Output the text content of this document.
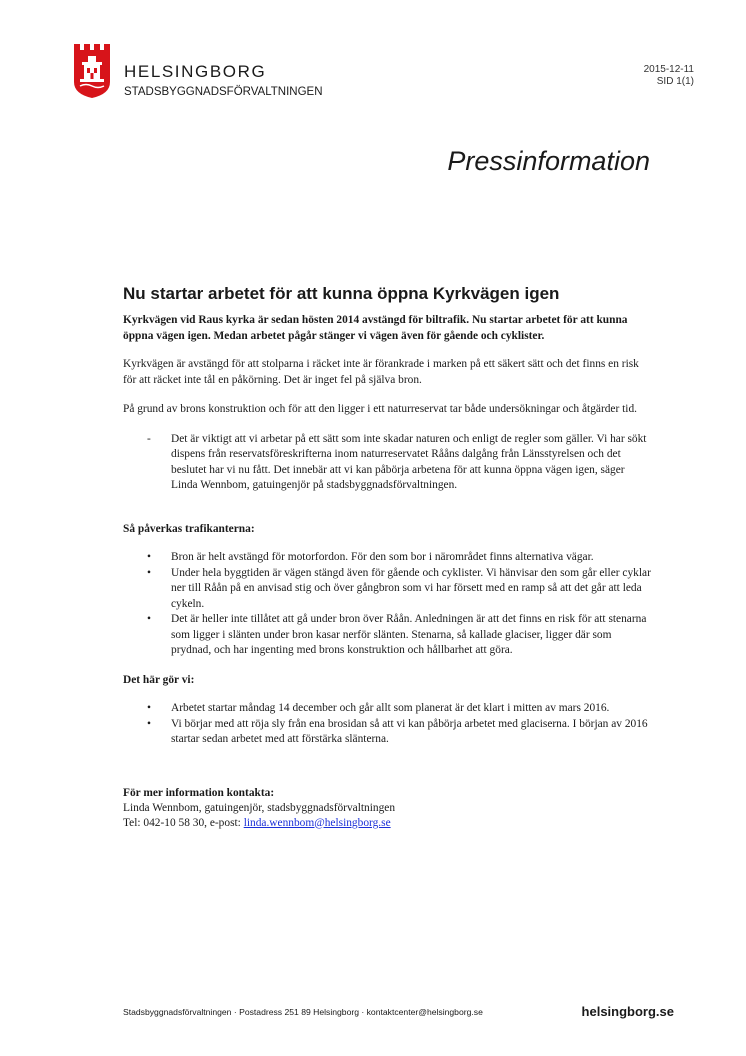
HELSINGBORG
STADSBYGGNADSFÖRVALTNINGEN
2015-12-11
SID 1(1)
Pressinformation
Nu startar arbetet för att kunna öppna Kyrkvägen igen

Kyrkvägen vid Raus kyrka är sedan hösten 2014 avstängd för biltrafik. Nu startar arbetet för att kunna öppna vägen igen. Medan arbetet pågår stänger vi vägen även för gående och cyklister.

Kyrkvägen är avstängd för att stolparna i räcket inte är förankrade i marken på ett säkert sätt och det finns en risk för att räcket inte tål en påkörning. Det är inget fel på själva bron.

På grund av brons konstruktion och för att den ligger i ett naturreservat tar både undersökningar och åtgärder tid.

- Det är viktigt att vi arbetar på ett sätt som inte skadar naturen och enligt de regler som gäller. Vi har sökt dispens från reservatsföreskrifterna inom naturreservatet Rååns dalgång från Länsstyrelsen och det beslutet har vi nu fått. Det innebär att vi kan påbörja arbetena för att kunna öppna vägen igen, säger Linda Wennbom, gatuingenjör på stadsbyggnadsförvaltningen.

Så påverkas trafikanterna:

• Bron är helt avstängd för motorfordon. För den som bor i närområdet finns alternativa vägar.
• Under hela byggtiden är vägen stängd även för gående och cyklister. Vi hänvisar den som går eller cyklar ner till Råån på en anvisad stig och över gångbron som vi har försett med en ramp så att det går att leda cykeln.
• Det är heller inte tillåtet att gå under bron över Råån. Anledningen är att det finns en risk för att stenarna som ligger i slänten under bron kasar nerför slänten. Stenarna, så kallade glaciser, ligger där som prydnad, och har ingenting med brons konstruktion och hållbarhet att göra.

Det här gör vi:

• Arbetet startar måndag 14 december och går allt som planerat är det klart i mitten av mars 2016.
• Vi börjar med att röja sly från ena brosidan så att vi kan påbörja arbetet med glaciserna. I början av 2016 startar sedan arbetet med att förstärka slänterna.

För mer information kontakta:

Linda Wennbom, gatuingenjör, stadsbyggnadsförvaltningen

Tel: 042-10 58 30, e-post: linda.wennbom@helsingborg.se

Stadsbyggnadsförvaltningen · Postadress 251 89 Helsingborg · kontaktcenter@helsingborg.se	helsingborg.se
